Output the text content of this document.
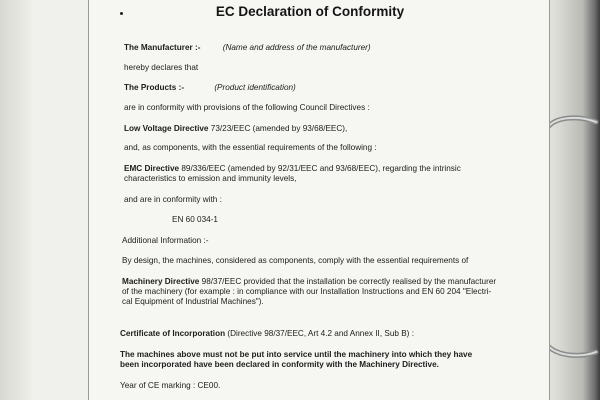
EC Declaration of Conformity
The Manufacturer :-	(Name and address of the manufacturer)
hereby declares that
The Products :-	(Product identification)
are in conformity with provisions of the following Council Directives :
Low Voltage Directive 73/23/EEC (amended by 93/68/EEC),
and, as components, with the essential requirements of the following :
EMC Directive 89/336/EEC (amended by 92/31/EEC and 93/68/EEC), regarding the intrinsic
characteristics to emission and immunity levels,
and are in conformity with :
EN 60 034-1
Additional Information :-
By design, the machines, considered as components, comply with the essential requirements of
Machinery Directive 98/37/EEC provided that the installation be correctly realised by the manufacturer
of the machinery (for example : in compliance with our Installation Instructions and EN 60 204 "Electri-
cal Equipment of Industrial Machines").
Certificate of Incorporation (Directive 98/37/EEC, Art 4.2 and Annex II, Sub B) :
The machines above must not be put into service until the machinery into which they have
been incorporated have been declared in conformity with the Machinery Directive.
Year of CE marking : CE00.
